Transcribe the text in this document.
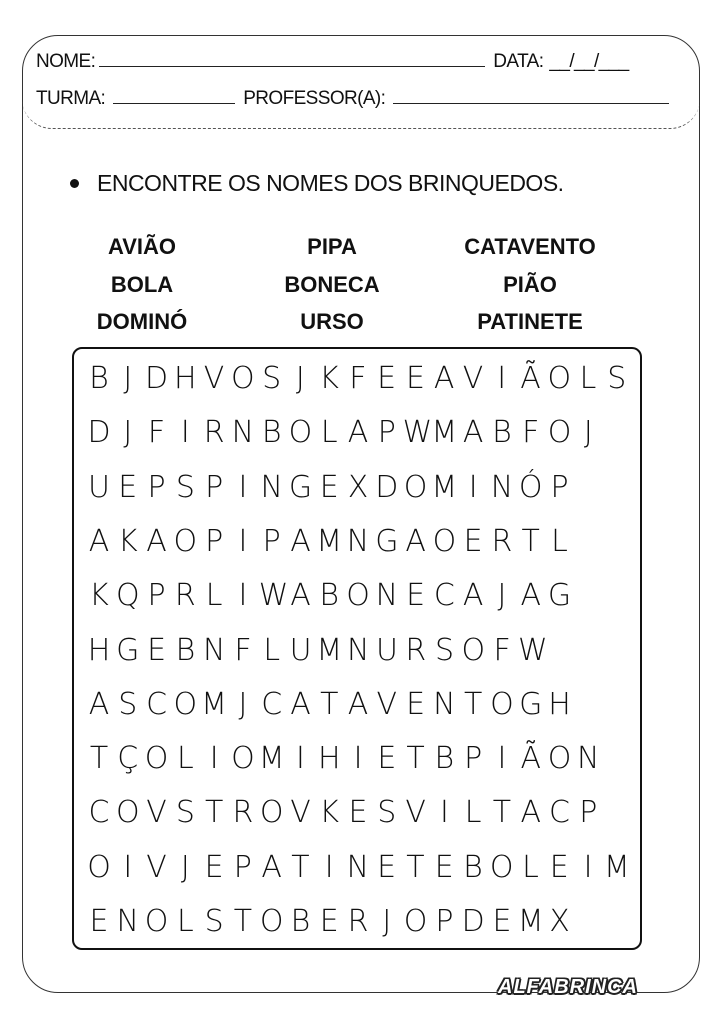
NOME:	DATA: __/__/___
TURMA:	PROFESSOR(A):
ENCONTRE OS NOMES DOS BRINQUEDOS.
AVIÃO
BOLA
DOMINÓ
PIPA
BONECA
URSO
CATAVENTO
PIÃO
PATINETE
B J D H V O S J K F E E A V I Ã O L S
D J F I R N B O L A P W M A B F O J
U E P S P I N G E X D O M I N Ó P
A K A O P I P A M N G A O E R T L
K Q P R L I W A B O N E C A J A G
H G E B N F L U M N U R S O F W
A S C O M J C A T A V E N T O G H
T Ç O L I O M I H I E T B P I Ã O N
C O V S T R O V K E S V I L T A C P
O I V J E P A T I N E T E B O L E I M
E N O L S T O B E R J O P D E M X
ALFABRINCA
